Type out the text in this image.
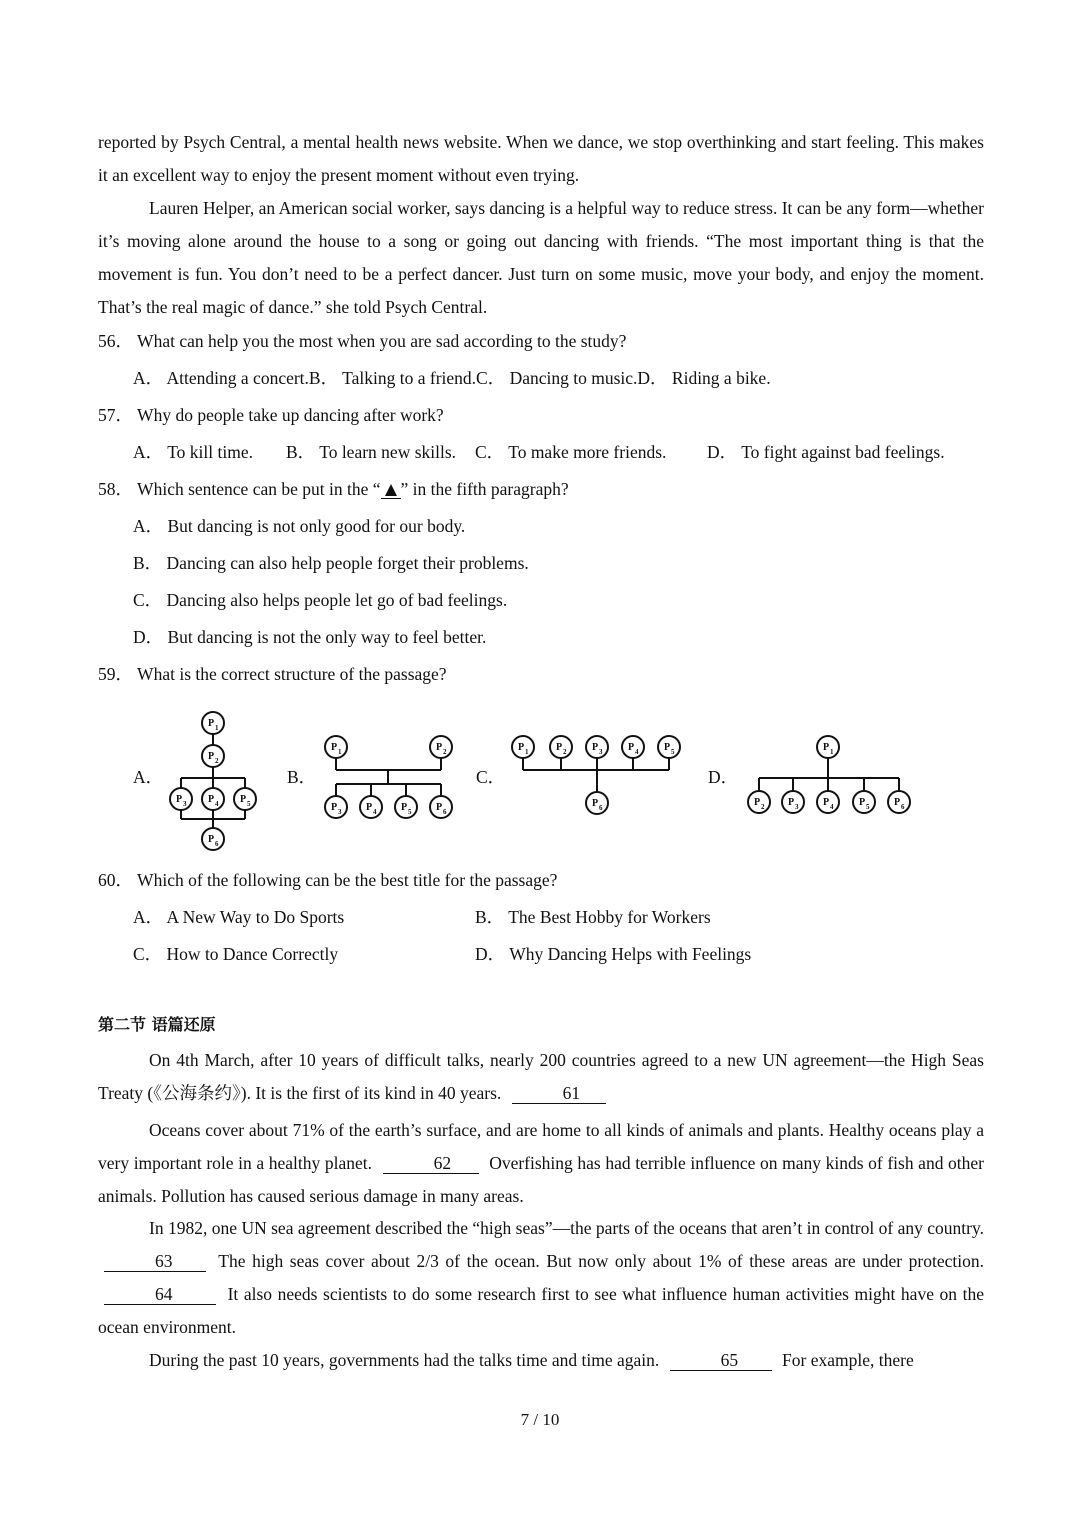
reported by Psych Central, a mental health news website. When we dance, we stop overthinking and start feeling. This makes it an excellent way to enjoy the present moment without even trying.
Lauren Helper, an American social worker, says dancing is a helpful way to reduce stress. It can be any form—whether it’s moving alone around the house to a song or going out dancing with friends. “The most important thing is that the movement is fun. You don’t need to be a perfect dancer. Just turn on some music, move your body, and enjoy the moment. That’s the real magic of dance.” she told Psych Central.
56． What can help you the most when you are sad according to the study?
A． Attending a concert.B． Talking to a friend.C． Dancing to music.D． Riding a bike.
57． Why do people take up dancing after work?
A． To kill time. B． To learn new skills. C． To make more friends. D． To fight against bad feelings.
58． Which sentence can be put in the “ ” in the fifth paragraph?
A． But dancing is not only good for our body.
B． Dancing can also help people forget their problems.
C． Dancing also helps people let go of bad feelings.
D． But dancing is not the only way to feel better.
59． What is the correct structure of the passage?
A．	B．	C．	D．
P 1
P 2
P 3 P 4 P 5
P 6
P 1	P 2
P 3 P 4 P 5 P 6
P 1	P 2	P 3	P 4	P 5
P 6
P 1
P 2 P 3 P 4	P 5 P 6
60． Which of the following can be the best title for the passage?
A． A New Way to Do Sports	B． The Best Hobby for Workers
C． How to Dance Correctly	D． Why Dancing Helps with Feelings
第二节 语篇还原
On 4th March, after 10 years of difficult talks, nearly 200 countries agreed to a new UN agreement—the High Seas Treaty (《公海条约》). It is the first of its kind in 40 years.	61
Oceans cover about 71% of the earth’s surface, and are home to all kinds of animals and plants. Healthy oceans play a very important role in a healthy planet.	62 Overfishing has had terrible influence on many kinds of fish and other animals. Pollution has caused serious damage in many areas.
In 1982, one UN sea agreement described the “high seas”—the parts of the oceans that aren’t in control of any country. 63	The high seas cover about 2/3 of the ocean. But now only about 1% of these areas are under protection. 64	It also needs scientists to do some research first to see what influence human activities might have on the ocean environment.
During the past 10 years, governments had the talks time and time again.	65	For example, there
7 / 10
